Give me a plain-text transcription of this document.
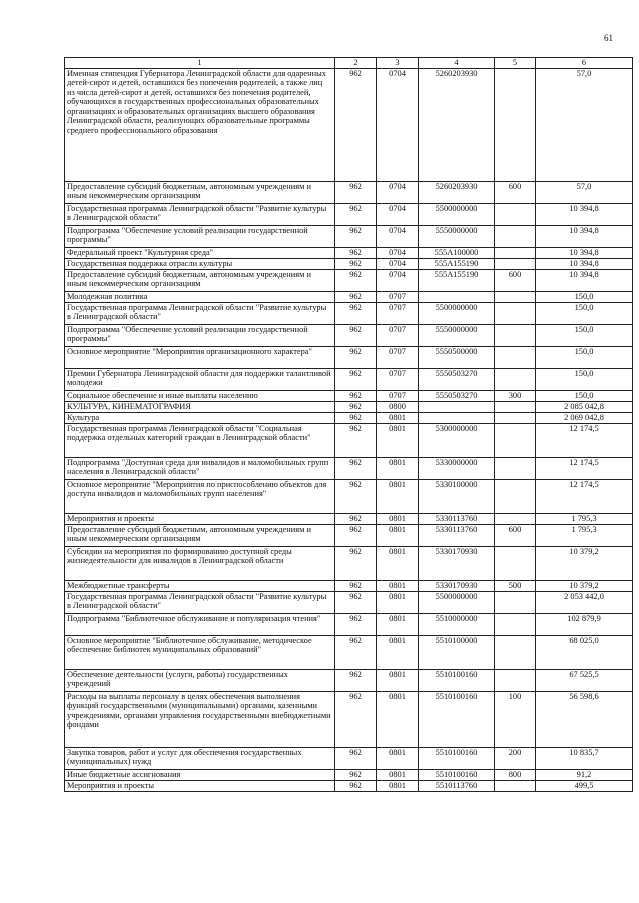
61
1	2	3	4	5	6
Именная стипендия Губернатора Ленинградской области для одаренных детей-сирот и детей, оставшихся без попечения родителей, а также лиц из числа детей-сирот и детей, оставшихся без попечения родителей, обучающихся в государственных профессиональных образовательных организациях и образовательных организациях высшего образования Ленинградской области, реализующих образовательные программы среднего профессионального образования	962	0704	5260203930		57,0
Предоставление субсидий бюджетным, автономным учреждениям и иным некоммерческим организациям	962	0704	5260203930	600	57,0
Государственная программа Ленинградской области "Развитие культуры в Ленинградской области"	962	0704	5500000000		10 394,8
Подпрограмма "Обеспечение условий реализации государственной программы"	962	0704	5550000000		10 394,8
Федеральный проект "Культурная среда"	962	0704	555A100000		10 394,8
Государственная поддержка отрасли культуры	962	0704	555A155190		10 394,8
Предоставление субсидий бюджетным, автономным учреждениям и иным некоммерческим организациям	962	0704	555A155190	600	10 394,8
Молодежная политика	962	0707			150,0
Государственная программа Ленинградской области "Развитие культуры в Ленинградской области"	962	0707	5500000000		150,0
Подпрограмма "Обеспечение условий реализации государственной программы"	962	0707	5550000000		150,0
Основное мероприятие "Мероприятия организационного характера"	962	0707	5550500000		150,0
Премии Губернатора Ленинградской области для поддержки талантливой молодежи	962	0707	5550503270		150,0
Социальное обеспечение и иные выплаты населению	962	0707	5550503270	300	150,0
КУЛЬТУРА, КИНЕМАТОГРАФИЯ	962	0800			2 085 042,8
Культура	962	0801			2 069 042,8
Государственная программа Ленинградской области "Социальная поддержка отдельных категорий граждан в Ленинградской области"	962	0801	5300000000		12 174,5
Подпрограмма "Доступная среда для инвалидов и маломобильных групп населения в Ленинградской области"	962	0801	5330000000		12 174,5
Основное мероприятие "Мероприятия по приспособлению объектов для доступа инвалидов и маломобильных групп населения"	962	0801	5330100000		12 174,5
Мероприятия и проекты	962	0801	5330113760		1 795,3
Предоставление субсидий бюджетным, автономным учреждениям и иным некоммерческим организациям	962	0801	5330113760	600	1 795,3
Субсидии на мероприятия по формированию доступной среды жизнедеятельности для инвалидов в Ленинградской области	962	0801	5330170930		10 379,2
Межбюджетные трансферты	962	0801	5330170930	500	10 379,2
Государственная программа Ленинградской области "Развитие культуры в Ленинградской области"	962	0801	5500000000		2 053 442,0
Подпрограмма "Библиотечное обслуживание и популяризация чтения"	962	0801	5510000000		102 879,9
Основное мероприятие "Библиотечное обслуживание, методическое обеспечение библиотек муниципальных образований"	962	0801	5510100000		68 025,0
Обеспечение деятельности (услуги, работы) государственных учреждений	962	0801	5510100160		67 525,5
Расходы на выплаты персоналу в целях обеспечения выполнения функций государственными (муниципальными) органами, казенными учреждениями, органами управления государственными внебюджетными фондами	962	0801	5510100160	100	56 598,6
Закупка товаров, работ и услуг для обеспечения государственных (муниципальных) нужд	962	0801	5510100160	200	10 835,7
Иные бюджетные ассигнования	962	0801	5510100160	800	91,2
Мероприятия и проекты	962	0801	5510113760		499,5
